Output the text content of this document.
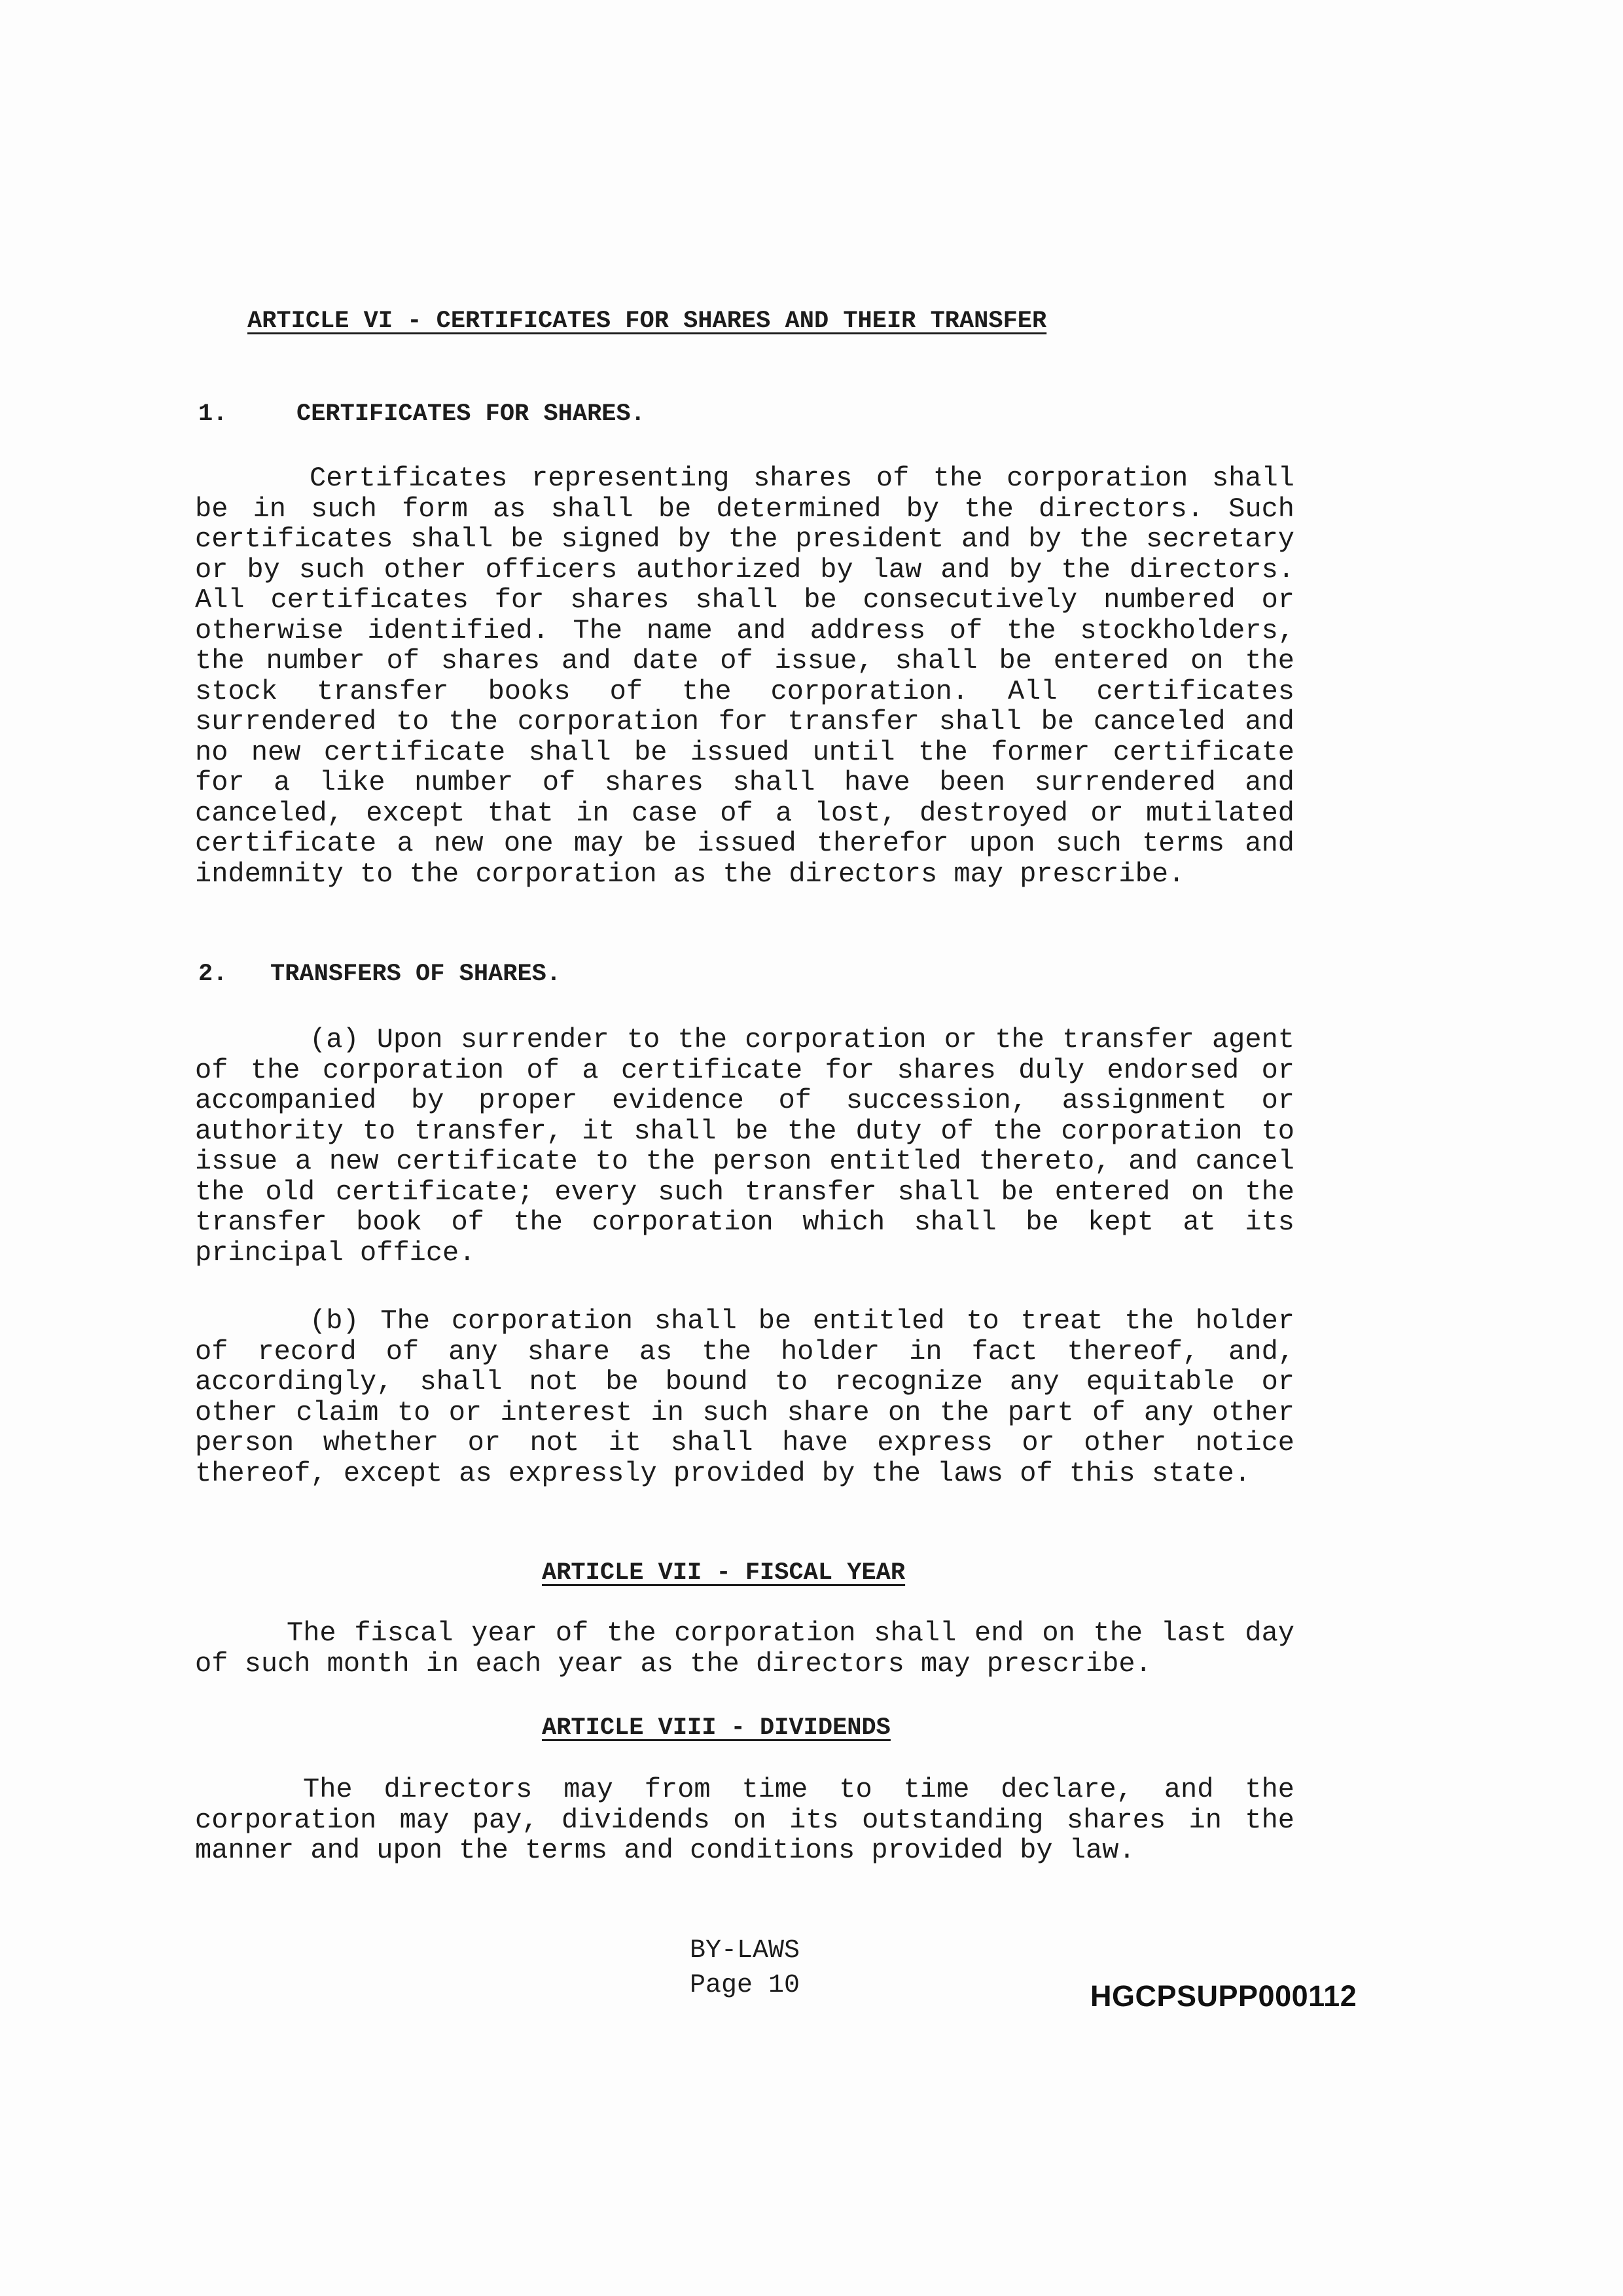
ARTICLE VI - CERTIFICATES FOR SHARES AND THEIR TRANSFER
1.	CERTIFICATES FOR SHARES.
Certificates representing shares of the corporation shall be in such form as shall be determined by the directors. Such certificates shall be signed by the president and by the secretary or by such other officers authorized by law and by the directors. All certificates for shares shall be consecutively numbered or otherwise identified. The name and address of the stockholders, the number of shares and date of issue, shall be entered on the stock transfer books of the corporation. All certificates surrendered to the corporation for transfer shall be canceled and no new certificate shall be issued until the former certificate for a like number of shares shall have been surrendered and canceled, except that in case of a lost, destroyed or mutilated certificate a new one may be issued therefor upon such terms and indemnity to the corporation as the directors may prescribe.
2. TRANSFERS OF SHARES.
(a) Upon surrender to the corporation or the transfer agent of the corporation of a certificate for shares duly endorsed or accompanied by proper evidence of succession, assignment or authority to transfer, it shall be the duty of the corporation to issue a new certificate to the person entitled thereto, and cancel the old certificate; every such transfer shall be entered on the transfer book of the corporation which shall be kept at its principal office.
(b) The corporation shall be entitled to treat the holder of record of any share as the holder in fact thereof, and, accordingly, shall not be bound to recognize any equitable or other claim to or interest in such share on the part of any other person whether or not it shall have express or other notice thereof, except as expressly provided by the laws of this state.
ARTICLE VII - FISCAL YEAR
The fiscal year of the corporation shall end on the last day of such month in each year as the directors may prescribe.
ARTICLE VIII - DIVIDENDS
The directors may from time to time declare, and the corporation may pay, dividends on its outstanding shares in the manner and upon the terms and conditions provided by law.
BY-LAWS
Page 10	HGCPSUPP000112
